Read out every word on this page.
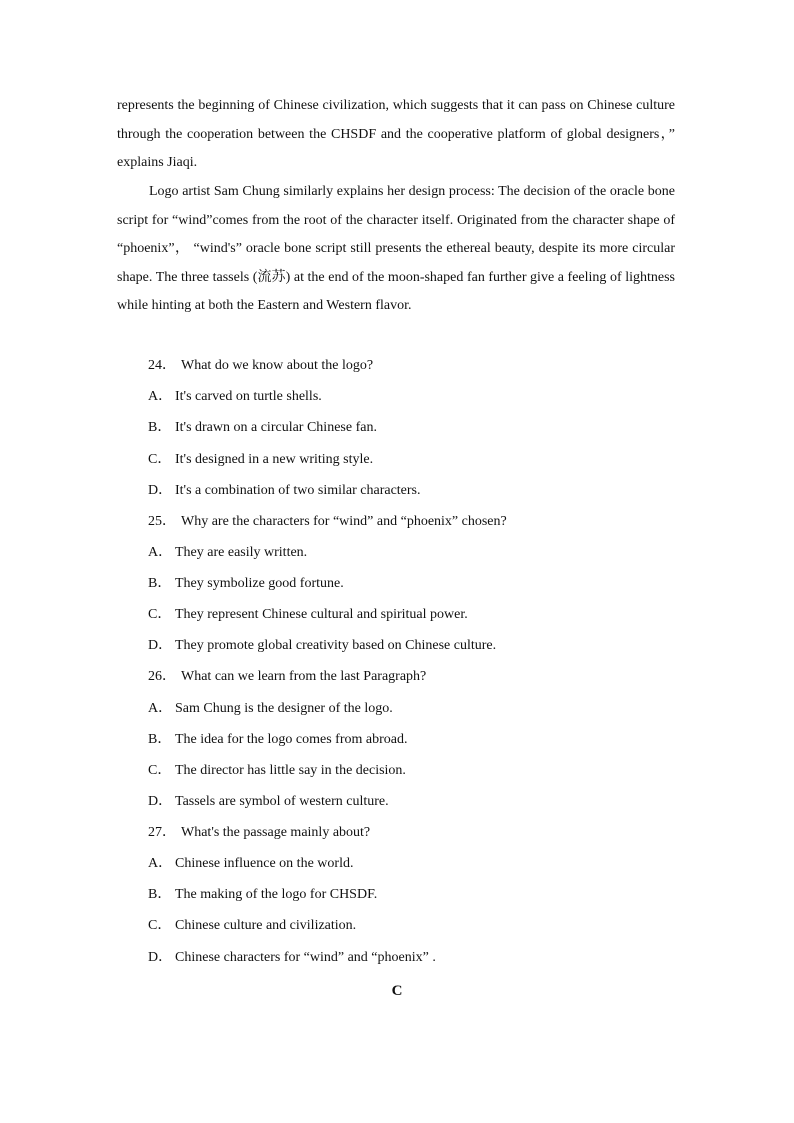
represents the beginning of Chinese civilization, which suggests that it can pass on Chinese culture through the cooperation between the CHSDF and the cooperative platform of global designers，” explains Jiaqi.

Logo artist Sam Chung similarly explains her design process: The decision of the oracle bone script for “wind”comes from the root of the character itself. Originated from the character shape of “phoenix”， “wind's” oracle bone script still presents the ethereal beauty, despite its more circular shape. The three tassels (流苏) at the end of the moon-shaped fan further give a feeling of lightness while hinting at both the Eastern and Western flavor.

24． What do we know about the logo?
A． It's carved on turtle shells.
B． It's drawn on a circular Chinese fan.
C． It's designed in a new writing style.
D． It's a combination of two similar characters.
25． Why are the characters for “wind” and “phoenix” chosen?
A． They are easily written.
B． They symbolize good fortune.
C． They represent Chinese cultural and spiritual power.
D． They promote global creativity based on Chinese culture.
26． What can we learn from the last Paragraph?
A． Sam Chung is the designer of the logo.
B． The idea for the logo comes from abroad.
C． The director has little say in the decision.
D． Tassels are symbol of western culture.
27． What's the passage mainly about?
A． Chinese influence on the world.
B． The making of the logo for CHSDF.
C． Chinese culture and civilization.
D． Chinese characters for “wind” and “phoenix” .
C
